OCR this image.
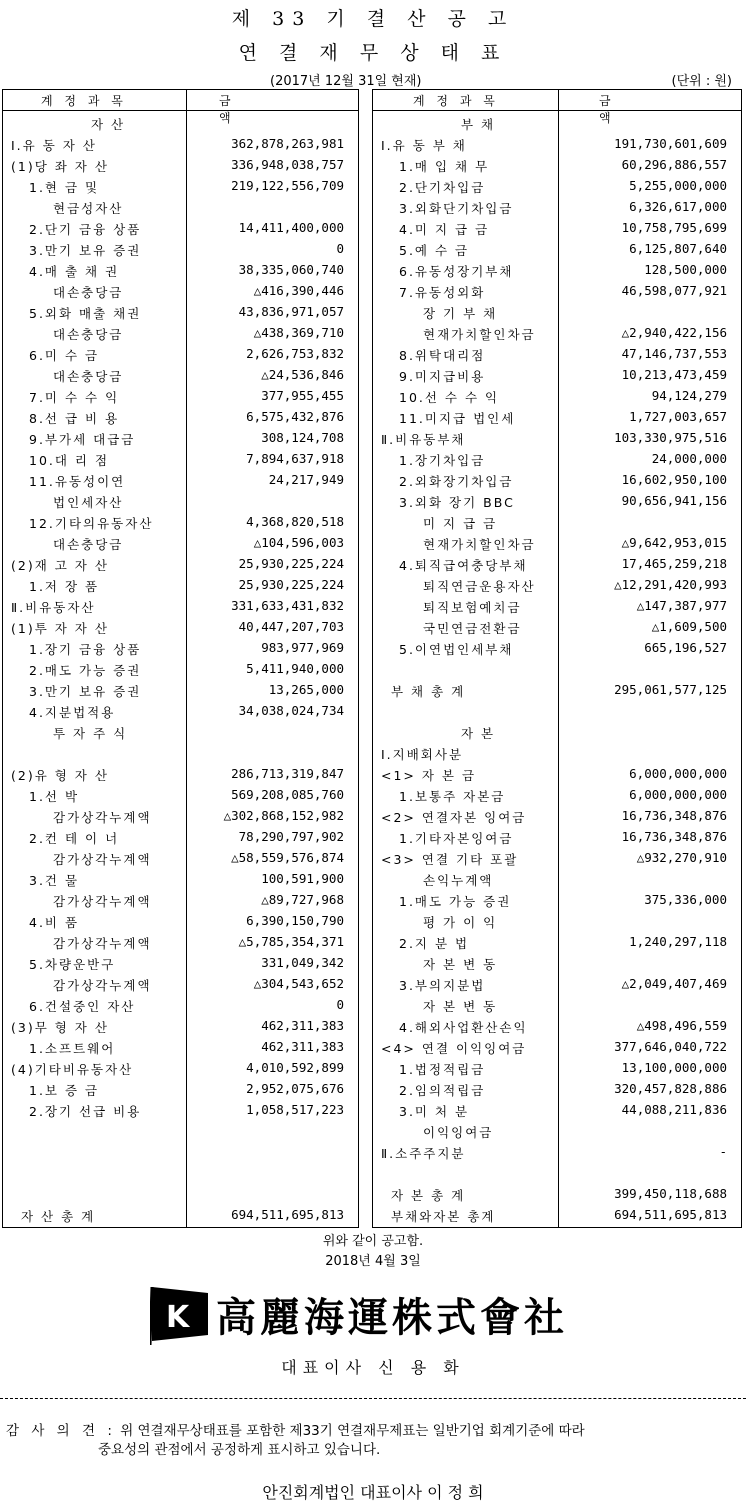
제 33 기 결 산 공 고
연 결 재 무 상 태 표
(2017년 12월 31일 현재)	(단위 : 원)
계 정 과 목	금 액
자 산
Ⅰ.유 동 자 산	362,878,263,981
(1)당 좌 자 산	336,948,038,757
1.현 금 및	219,122,556,709
현금성자산
2.단기 금융 상품	14,411,400,000
3.만기 보유 증권	0
4.매 출 채 권	38,335,060,740
대손충당금	△416,390,446
5.외화 매출 채권	43,836,971,057
대손충당금	△438,369,710
6.미 수 금	2,626,753,832
대손충당금	△24,536,846
7.미 수 수 익	377,955,455
8.선 급 비 용	6,575,432,876
9.부가세 대급금	308,124,708
10.대 리 점	7,894,637,918
11.유동성이연	24,217,949
법인세자산
12.기타의유동자산	4,368,820,518
대손충당금	△104,596,003
(2)재 고 자 산	25,930,225,224
1.저 장 품	25,930,225,224
Ⅱ.비유동자산	331,633,431,832
(1)투 자 자 산	40,447,207,703
1.장기 금융 상품	983,977,969
2.매도 가능 증권	5,411,940,000
3.만기 보유 증권	13,265,000
4.지분법적용	34,038,024,734
투 자 주 식
(2)유 형 자 산	286,713,319,847
1.선 박	569,208,085,760
감가상각누계액	△302,868,152,982
2.컨 테 이 너	78,290,797,902
감가상각누계액	△58,559,576,874
3.건 물	100,591,900
감가상각누계액	△89,727,968
4.비 품	6,390,150,790
감가상각누계액	△5,785,354,371
5.차량운반구	331,049,342
감가상각누계액	△304,543,652
6.건설중인 자산	0
(3)무 형 자 산	462,311,383
1.소프트웨어	462,311,383
(4)기타비유동자산	4,010,592,899
1.보 증 금	2,952,075,676
2.장기 선급 비용	1,058,517,223
자 산 총 계	694,511,695,813
계 정 과 목	금 액
부 채
Ⅰ.유 동 부 채	191,730,601,609
1.매 입 채 무	60,296,886,557
2.단기차입금	5,255,000,000
3.외화단기차입금	6,326,617,000
4.미 지 급 금	10,758,795,699
5.예 수 금	6,125,807,640
6.유동성장기부채	128,500,000
7.유동성외화	46,598,077,921
장 기 부 채
현재가치할인차금	△2,940,422,156
8.위탁대리점	47,146,737,553
9.미지급비용	10,213,473,459
10.선 수 수 익	94,124,279
11.미지급 법인세	1,727,003,657
Ⅱ.비유동부채	103,330,975,516
1.장기차입금	24,000,000
2.외화장기차입금	16,602,950,100
3.외화 장기 BBC	90,656,941,156
미 지 급 금
현재가치할인차금	△9,642,953,015
4.퇴직급여충당부채	17,465,259,218
퇴직연금운용자산	△12,291,420,993
퇴직보험예치금	△147,387,977
국민연금전환금	△1,609,500
5.이연법인세부채	665,196,527
부 채 총 계	295,061,577,125
자 본
Ⅰ.지배회사분
<1> 자 본 금	6,000,000,000
1.보통주 자본금	6,000,000,000
<2> 연결자본 잉여금	16,736,348,876
1.기타자본잉여금	16,736,348,876
<3> 연결 기타 포괄	△932,270,910
손익누계액
1.매도 가능 증권	375,336,000
평 가 이 익
2.지 분 법	1,240,297,118
자 본 변 동
3.부의지분법	△2,049,407,469
자 본 변 동
4.해외사업환산손익	△498,496,559
<4> 연결 이익잉여금	377,646,040,722
1.법정적립금	13,100,000,000
2.임의적립금	320,457,828,886
3.미 처 분	44,088,211,836
이익잉여금
Ⅱ.소주주지분	-
자 본 총 계	399,450,118,688
부채와자본 총계	694,511,695,813
위와 같이 공고함.
2018년 4월 3일
K 高麗海運株式會社
대표이사 신 용 화
감 사 의 견 : 위 연결재무상태표를 포함한 제33기 연결재무제표는 일반기업 회계기준에 따라
중요성의 관점에서 공정하게 표시하고 있습니다.
안진회계법인 대표이사 이 정 희
